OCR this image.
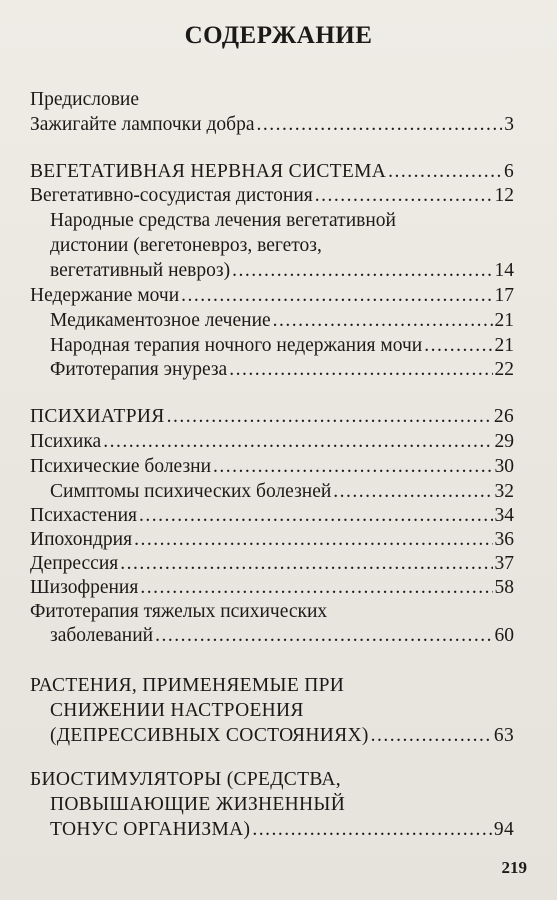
СОДЕРЖАНИЕ
Предисловие
Зажигайте лампочки добра .....	3
ВЕГЕТАТИВНАЯ НЕРВНАЯ СИСТЕМА .....	6
Вегетативно-сосудистая дистония .....	12
Народные средства лечения вегетативной
дистонии (вегетоневроз, вегетоз,
вегетативный невроз) .....	14
Недержание мочи .....	17
Медикаментозное лечение .....	21
Народная терапия ночного недержания мочи .....	21
Фитотерапия энуреза .....	22
ПСИХИАТРИЯ .....	26
Психика .....	29
Психические болезни .....	30
Симптомы психических болезней .....	32
Психастения .....	34
Ипохондрия .....	36
Депрессия .....	37
Шизофрения .....	58
Фитотерапия тяжелых психических
заболеваний .....	60
РАСТЕНИЯ, ПРИМЕНЯЕМЫЕ ПРИ
СНИЖЕНИИ НАСТРОЕНИЯ
(ДЕПРЕССИВНЫХ СОСТОЯНИЯХ) .....	63
БИОСТИМУЛЯТОРЫ (СРЕДСТВА,
ПОВЫШАЮЩИЕ ЖИЗНЕННЫЙ
ТОНУС ОРГАНИЗМА) .....	94
219
